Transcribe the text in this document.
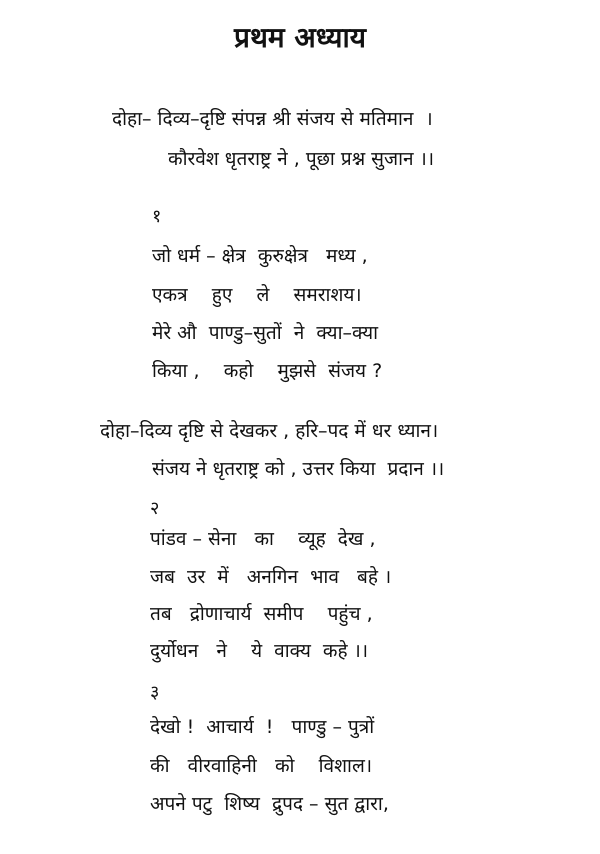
प्रथम अध्याय
दोहा– दिव्य–दृष्टि संपन्न श्री संजय से मतिमान  ।
कौरवेश धृतराष्ट्र ने , पूछा प्रश्न सुजान ।।
१
जो धर्म – क्षेत्र  कुरुक्षेत्र   मध्य ,
एकत्र    हुए    ले    समराशय।
मेरे औ  पाण्डु–सुतों  ने  क्या–क्या
किया ,    कहो    मुझसे  संजय ?
दोहा–दिव्य दृष्टि से देखकर , हरि–पद में धर ध्यान।
संजय ने धृतराष्ट्र को , उत्तर किया  प्रदान ।।
२
पांडव – सेना   का    व्यूह  देख ,
जब  उर  में   अनगिन  भाव   बहे ।
तब   द्रोणाचार्य  समीप    पहुंच ,
दुर्योधन   ने    ये  वाक्य  कहे ।।
३
देखो !  आचार्य  !   पाण्डु – पुत्रों
की   वीरवाहिनी   को    विशाल।
अपने पटु  शिष्य  द्रुपद – सुत द्वारा,
